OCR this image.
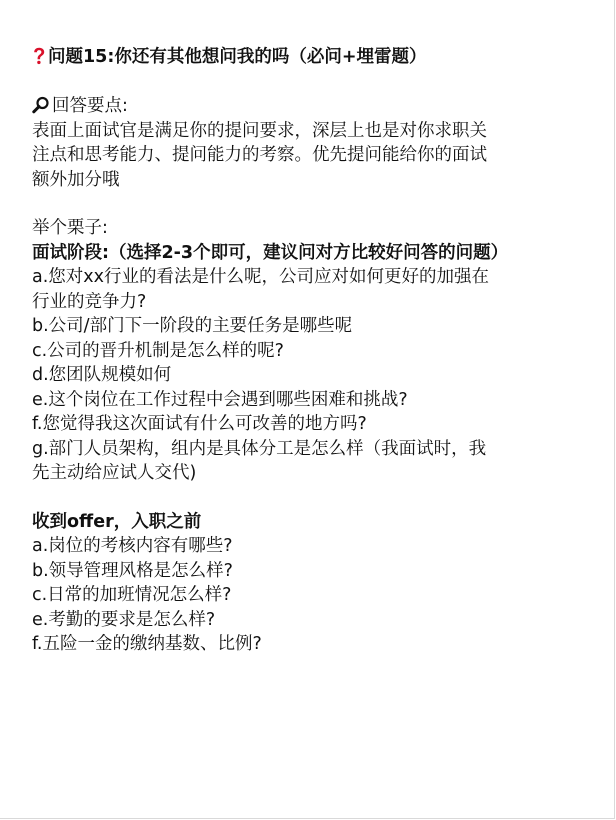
问题15:你还有其他想问我的吗（必问+埋雷题）
回答要点:
表面上面试官是满足你的提问要求，深层上也是对你求职关
注点和思考能力、提问能力的考察。优先提问能给你的面试
额外加分哦
举个栗子:
面试阶段:（选择2-3个即可，建议问对方比较好问答的问题）
a.您对xx行业的看法是什么呢，公司应对如何更好的加强在
行业的竞争力?
b.公司/部门下一阶段的主要任务是哪些呢
c.公司的晋升机制是怎么样的呢?
d.您团队规模如何
e.这个岗位在工作过程中会遇到哪些困难和挑战?
f.您觉得我这次面试有什么可改善的地方吗?
g.部门人员架构，组内是具体分工是怎么样（我面试时，我
先主动给应试人交代)
收到offer，入职之前
a.岗位的考核内容有哪些?
b.领导管理风格是怎么样?
c.日常的加班情况怎么样?
e.考勤的要求是怎么样?
f.五险一金的缴纳基数、比例?
